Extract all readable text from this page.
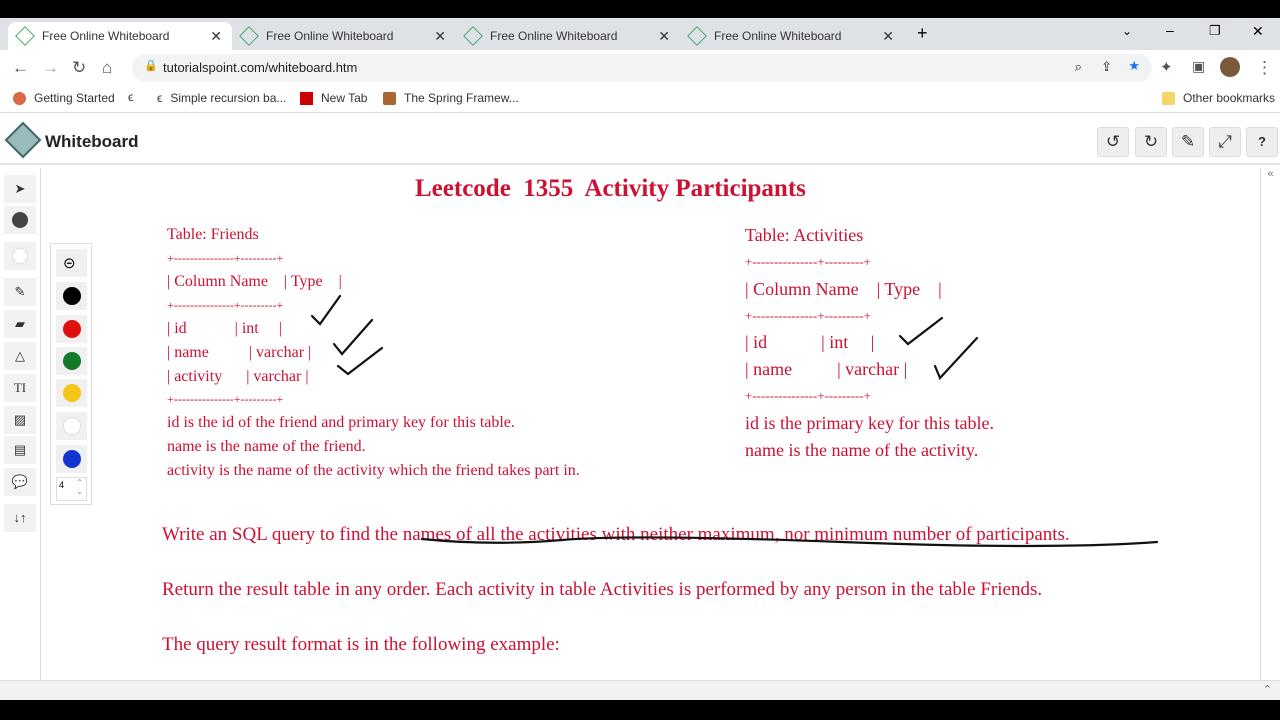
Free Online Whiteboard	✕	Free Online Whiteboard	✕	Free Online Whiteboard	✕	Free Online Whiteboard	✕ +	⌄ –	❐ ✕
← → ↻ ⌂	🔒 tutorialspoint.com/whiteboard.htm	⌕ ⇪ ★ ✦ ▣	⋮
Getting Started ϵ ϵ Simple recursion ba...	New Tab	The Spring Framew...	Other bookmarks
Whiteboard	↺	↻	✎	⤢	?
➤
✎
▰
△
TI
▨
▤
💬
↓↑
⊝
4 ⌃
⌄
Leetcode  1355  Activity Participants
Table: Friends
+---------------+---------+
| Column Name    | Type    |
+---------------+---------+
| id            | int     |
| name          | varchar |
| activity      | varchar |
+---------------+---------+
id is the id of the friend and primary key for this table.
name is the name of the friend.
activity is the name of the activity which the friend takes part in.
Table: Activities
+---------------+---------+
| Column Name    | Type    |
+---------------+---------+
| id            | int     |
| name          | varchar |
+---------------+---------+
id is the primary key for this table.
name is the name of the activity.
Write an SQL query to find the names of all the activities with neither maximum, nor minimum number of participants.
Return the result table in any order. Each activity in table Activities is performed by any person in the table Friends.
The query result format is in the following example:
«
⌃
